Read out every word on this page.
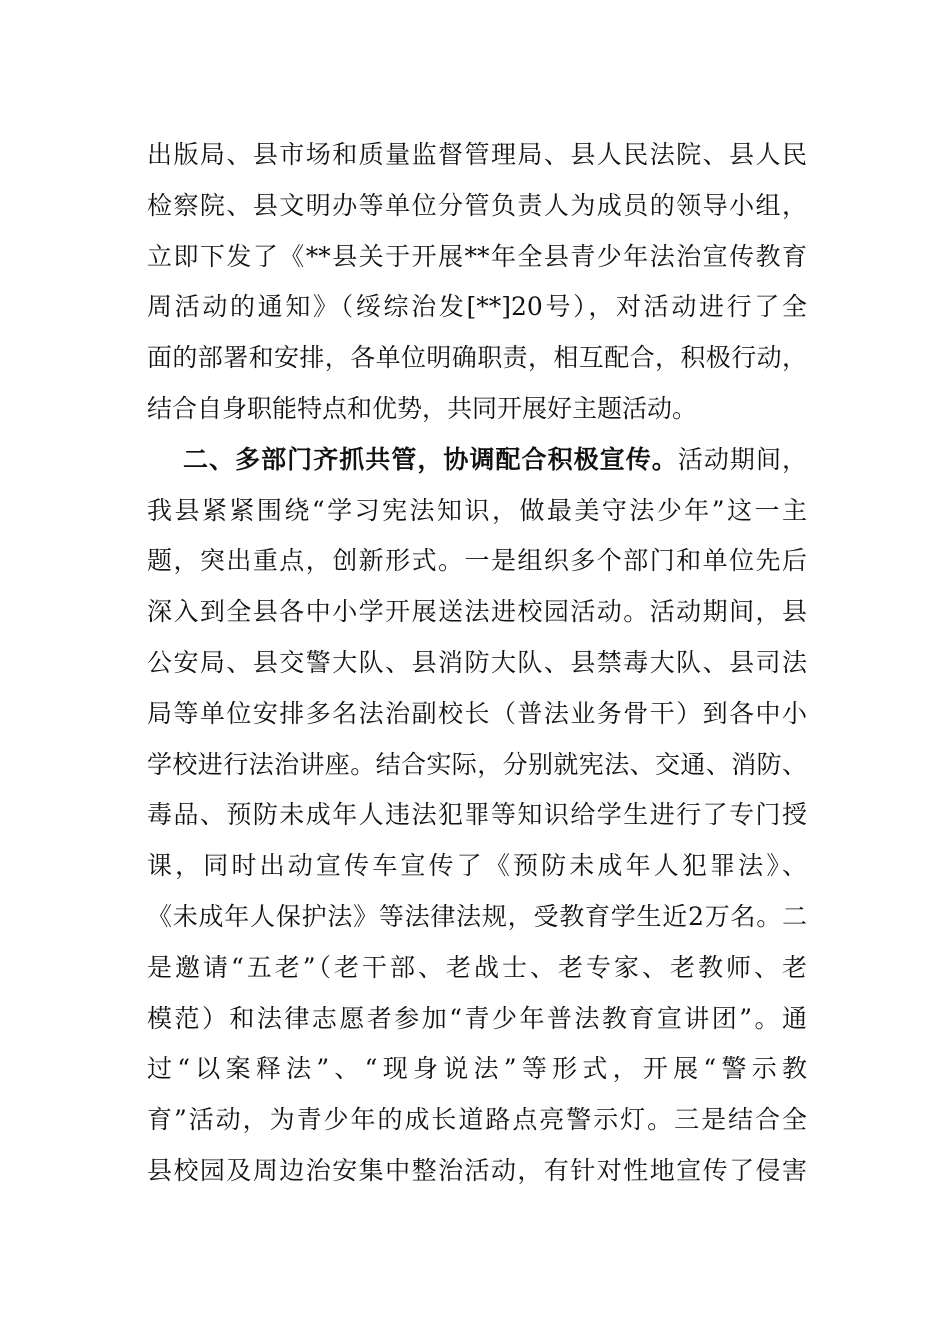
出版局、县市场和质量监督管理局、县人民法院、县人民
检察院、县文明办等单位分管负责人为成员的领导小组，
立即下发了《**县关于开展**年全县青少年法治宣传教育
周活动的通知》（绥综治发[**]20号），对活动进行了全
面的部署和安排，各单位明确职责，相互配合，积极行动，
结合自身职能特点和优势，共同开展好主题活动。
二、多部门齐抓共管，协调配合积极宣传。活动期间，
我县紧紧围绕“学习宪法知识，做最美守法少年”这一主
题，突出重点，创新形式。一是组织多个部门和单位先后
深入到全县各中小学开展送法进校园活动。活动期间，县
公安局、县交警大队、县消防大队、县禁毒大队、县司法
局等单位安排多名法治副校长（普法业务骨干）到各中小
学校进行法治讲座。结合实际，分别就宪法、交通、消防、
毒品、预防未成年人违法犯罪等知识给学生进行了专门授
课，同时出动宣传车宣传了《预防未成年人犯罪法》、
《未成年人保护法》等法律法规，受教育学生近2万名。二
是邀请“五老”（老干部、老战士、老专家、老教师、老
模范）和法律志愿者参加“青少年普法教育宣讲团”。通
过“以案释法”、“现身说法”等形式，开展“警示教
育”活动，为青少年的成长道路点亮警示灯。三是结合全
县校园及周边治安集中整治活动，有针对性地宣传了侵害
